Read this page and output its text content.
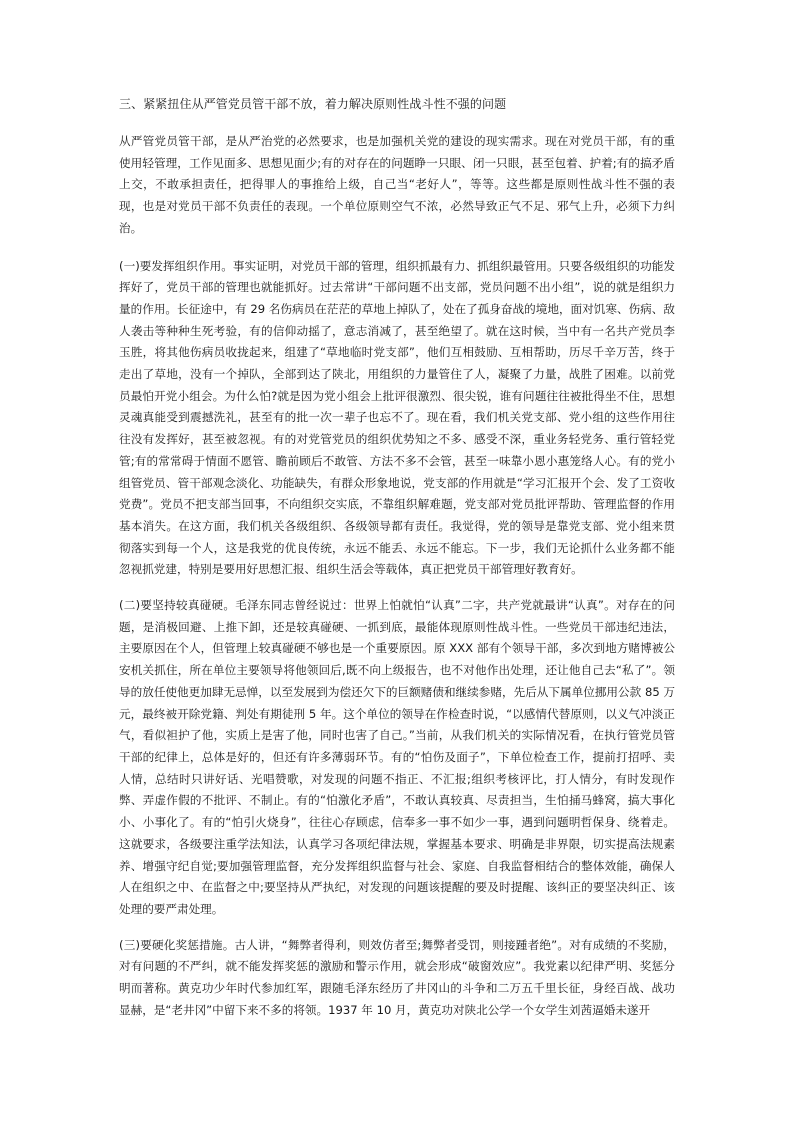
三、紧紧扭住从严管党员管干部不放，着力解决原则性战斗性不强的问题
从严管党员管干部，是从严治党的必然要求，也是加强机关党的建设的现实需求。现在对党员干部，有的重使用轻管理，工作见面多、思想见面少;有的对存在的问题睁一只眼、闭一只眼，甚至包着、护着;有的搞矛盾上交，不敢承担责任，把得罪人的事推给上级，自己当“老好人”，等等。这些都是原则性战斗性不强的表现，也是对党员干部不负责任的表现。一个单位原则空气不浓，必然导致正气不足、邪气上升，必须下力纠治。
(一)要发挥组织作用。事实证明，对党员干部的管理，组织抓最有力、抓组织最管用。只要各级组织的功能发挥好了，党员干部的管理也就能抓好。过去常讲“干部问题不出支部，党员问题不出小组”，说的就是组织力量的作用。长征途中，有 29 名伤病员在茫茫的草地上掉队了，处在了孤身奋战的境地，面对饥寒、伤病、敌人袭击等种种生死考验，有的信仰动摇了，意志消减了，甚至绝望了。就在这时候，当中有一名共产党员李玉胜，将其他伤病员收拢起来，组建了“草地临时党支部”，他们互相鼓励、互相帮助，历尽千辛万苦，终于走出了草地，没有一个掉队，全部到达了陕北，用组织的力量管住了人，凝聚了力量，战胜了困难。以前党员最怕开党小组会。为什么怕?就是因为党小组会上批评很激烈、很尖锐，谁有问题往往被批得坐不住，思想灵魂真能受到震撼洗礼，甚至有的批一次一辈子也忘不了。现在看，我们机关党支部、党小组的这些作用往往没有发挥好，甚至被忽视。有的对党管党员的组织优势知之不多、感受不深，重业务轻党务、重行管轻党管;有的常常碍于情面不愿管、瞻前顾后不敢管、方法不多不会管，甚至一味靠小恩小惠笼络人心。有的党小组管党员、管干部观念淡化、功能缺失，有群众形象地说，党支部的作用就是“学习汇报开个会、发了工资收党费”。党员不把支部当回事，不向组织交实底，不靠组织解难题，党支部对党员批评帮助、管理监督的作用基本消失。在这方面，我们机关各级组织、各级领导都有责任。我觉得，党的领导是靠党支部、党小组来贯彻落实到每一个人，这是我党的优良传统，永远不能丢、永远不能忘。下一步，我们无论抓什么业务都不能忽视抓党建，特别是要用好思想汇报、组织生活会等载体，真正把党员干部管理好教育好。
(二)要坚持较真碰硬。毛泽东同志曾经说过：世界上怕就怕“认真”二字，共产党就最讲“认真”。对存在的问题，是消极回避、上推下卸，还是较真碰硬、一抓到底，最能体现原则性战斗性。一些党员干部违纪违法，主要原因在个人，但管理上较真碰硬不够也是一个重要原因。原 XXX 部有个领导干部，多次到地方赌博被公安机关抓住，所在单位主要领导将他领回后,既不向上级报告，也不对他作出处理，还让他自己去“私了”。领导的放任使他更加肆无忌惮，以至发展到为偿还欠下的巨额赌债和继续参赌，先后从下属单位挪用公款 85 万元，最终被开除党籍、判处有期徒刑 5 年。这个单位的领导在作检查时说，“以感情代替原则，以义气冲淡正气，看似袒护了他，实质上是害了他，同时也害了自己。”当前，从我们机关的实际情况看，在执行管党员管干部的纪律上，总体是好的，但还有许多薄弱环节。有的“怕伤及面子”，下单位检查工作，提前打招呼、卖人情，总结时只讲好话、光唱赞歌，对发现的问题不指正、不汇报;组织考核评比，打人情分，有时发现作弊、弄虚作假的不批评、不制止。有的“怕激化矛盾”，不敢认真较真、尽责担当，生怕捅马蜂窝，搞大事化小、小事化了。有的“怕引火烧身”，往往心存顾虑，信奉多一事不如少一事，遇到问题明哲保身、绕着走。这就要求，各级要注重学法知法，认真学习各项纪律法规，掌握基本要求、明确是非界限，切实提高法规素养、增强守纪自觉;要加强管理监督，充分发挥组织监督与社会、家庭、自我监督相结合的整体效能，确保人人在组织之中、在监督之中;要坚持从严执纪，对发现的问题该提醒的要及时提醒、该纠正的要坚决纠正、该处理的要严肃处理。
(三)要硬化奖惩措施。古人讲，“舞弊者得利，则效仿者至;舞弊者受罚，则接踵者绝”。对有成绩的不奖励，对有问题的不严纠，就不能发挥奖惩的激励和警示作用，就会形成“破窗效应”。我党素以纪律严明、奖惩分明而著称。黄克功少年时代参加红军，跟随毛泽东经历了井冈山的斗争和二万五千里长征，身经百战、战功显赫，是“老井冈”中留下来不多的将领。1937 年 10 月，黄克功对陕北公学一个女学生刘茜逼婚未遂开
